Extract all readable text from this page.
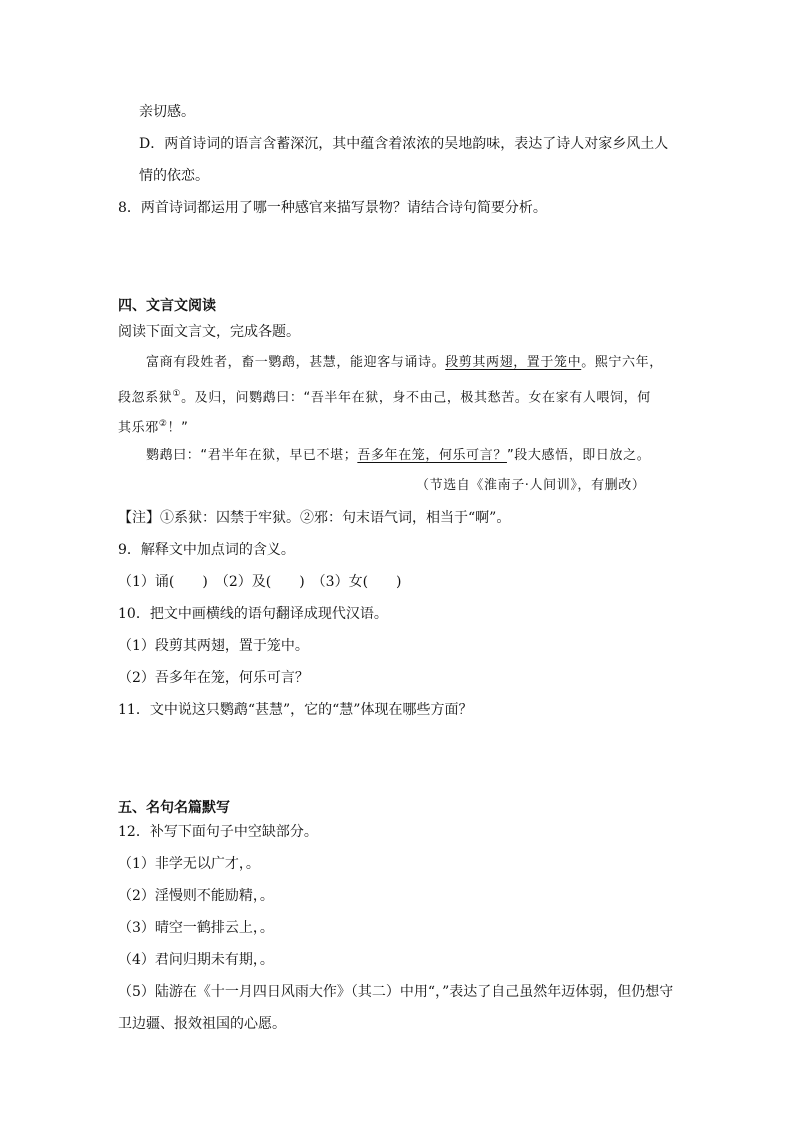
亲切感。
D．两首诗词的语言含蓄深沉，其中蕴含着浓浓的吴地韵味，表达了诗人对家乡风土人
情的依恋。
8．两首诗词都运用了哪一种感官来描写景物？请结合诗句简要分析。
四、文言文阅读
阅读下面文言文，完成各题。
富商有段姓者，畜一鹦鹉，甚慧，能迎客与诵诗。段剪其两翅，置于笼中。熙宁六年，
段忽系狱①。及归，问鹦鹉曰：“吾半年在狱，身不由己，极其愁苦。女在家有人喂饲，何
其乐邪②！”
鹦鹉曰：“君半年在狱，早已不堪；吾多年在笼，何乐可言？”段大感悟，即日放之。
（节选自《淮南子·人间训》，有删改）
【注】①系狱：囚禁于牢狱。②邪：句末语气词，相当于“啊”。
9．解释文中加点词的含义。
（1）诵(　　)　（2）及(　　)　（3）女(　　)
10．把文中画横线的语句翻译成现代汉语。
（1）段剪其两翅，置于笼中。
（2）吾多年在笼，何乐可言？
11．文中说这只鹦鹉“甚慧”，它的“慧”体现在哪些方面？
五、名句名篇默写
12．补写下面句子中空缺部分。
（1）非学无以广才，。
（2）淫慢则不能励精，。
（3）晴空一鹤排云上，。
（4）君问归期未有期，。
（5）陆游在《十一月四日风雨大作》（其二）中用“，”表达了自己虽然年迈体弱，但仍想守
卫边疆、报效祖国的心愿。
